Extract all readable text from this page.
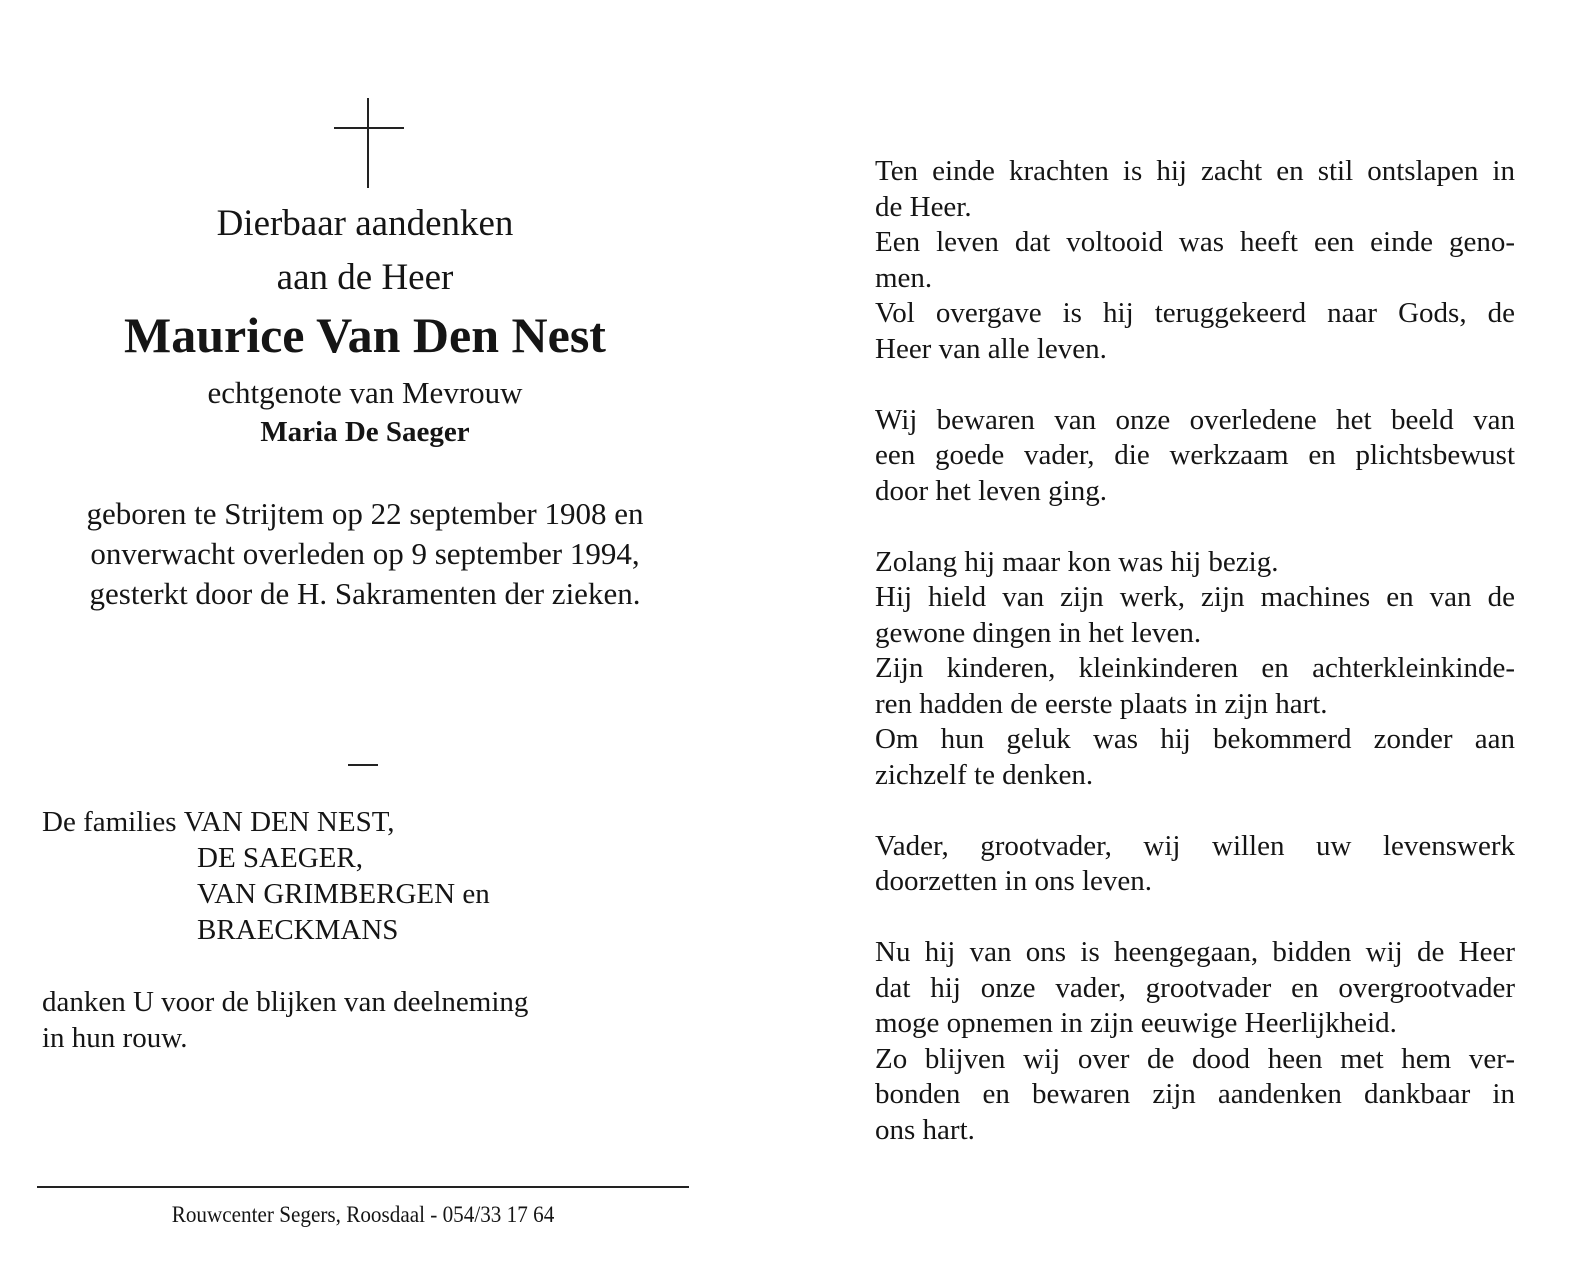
Dierbaar aandenken
aan de Heer
Maurice Van Den Nest
echtgenote van Mevrouw
Maria De Saeger
geboren te Strijtem op 22 september 1908 en
onverwacht overleden op 9 september 1994,
gesterkt door de H. Sakramenten der zieken.
De families
VAN DEN NEST,
DE SAEGER,
VAN GRIMBERGEN en
BRAECKMANS
danken U voor de blijken van deelneming
in hun rouw.
Rouwcenter Segers, Roosdaal - 054/33 17 64
Ten einde krachten is hij zacht en stil ontslapen in
de Heer.
Een leven dat voltooid was heeft een einde geno-
men.
Vol overgave is hij teruggekeerd naar Gods, de
Heer van alle leven.
Wij bewaren van onze overledene het beeld van
een goede vader, die werkzaam en plichtsbewust
door het leven ging.
Zolang hij maar kon was hij bezig.
Hij hield van zijn werk, zijn machines en van de
gewone dingen in het leven.
Zijn kinderen, kleinkinderen en achterkleinkinde-
ren hadden de eerste plaats in zijn hart.
Om hun geluk was hij bekommerd zonder aan
zichzelf te denken.
Vader, grootvader, wij willen uw levenswerk
doorzetten in ons leven.
Nu hij van ons is heengegaan, bidden wij de Heer
dat hij onze vader, grootvader en overgrootvader
moge opnemen in zijn eeuwige Heerlijkheid.
Zo blijven wij over de dood heen met hem ver-
bonden en bewaren zijn aandenken dankbaar in
ons hart.
